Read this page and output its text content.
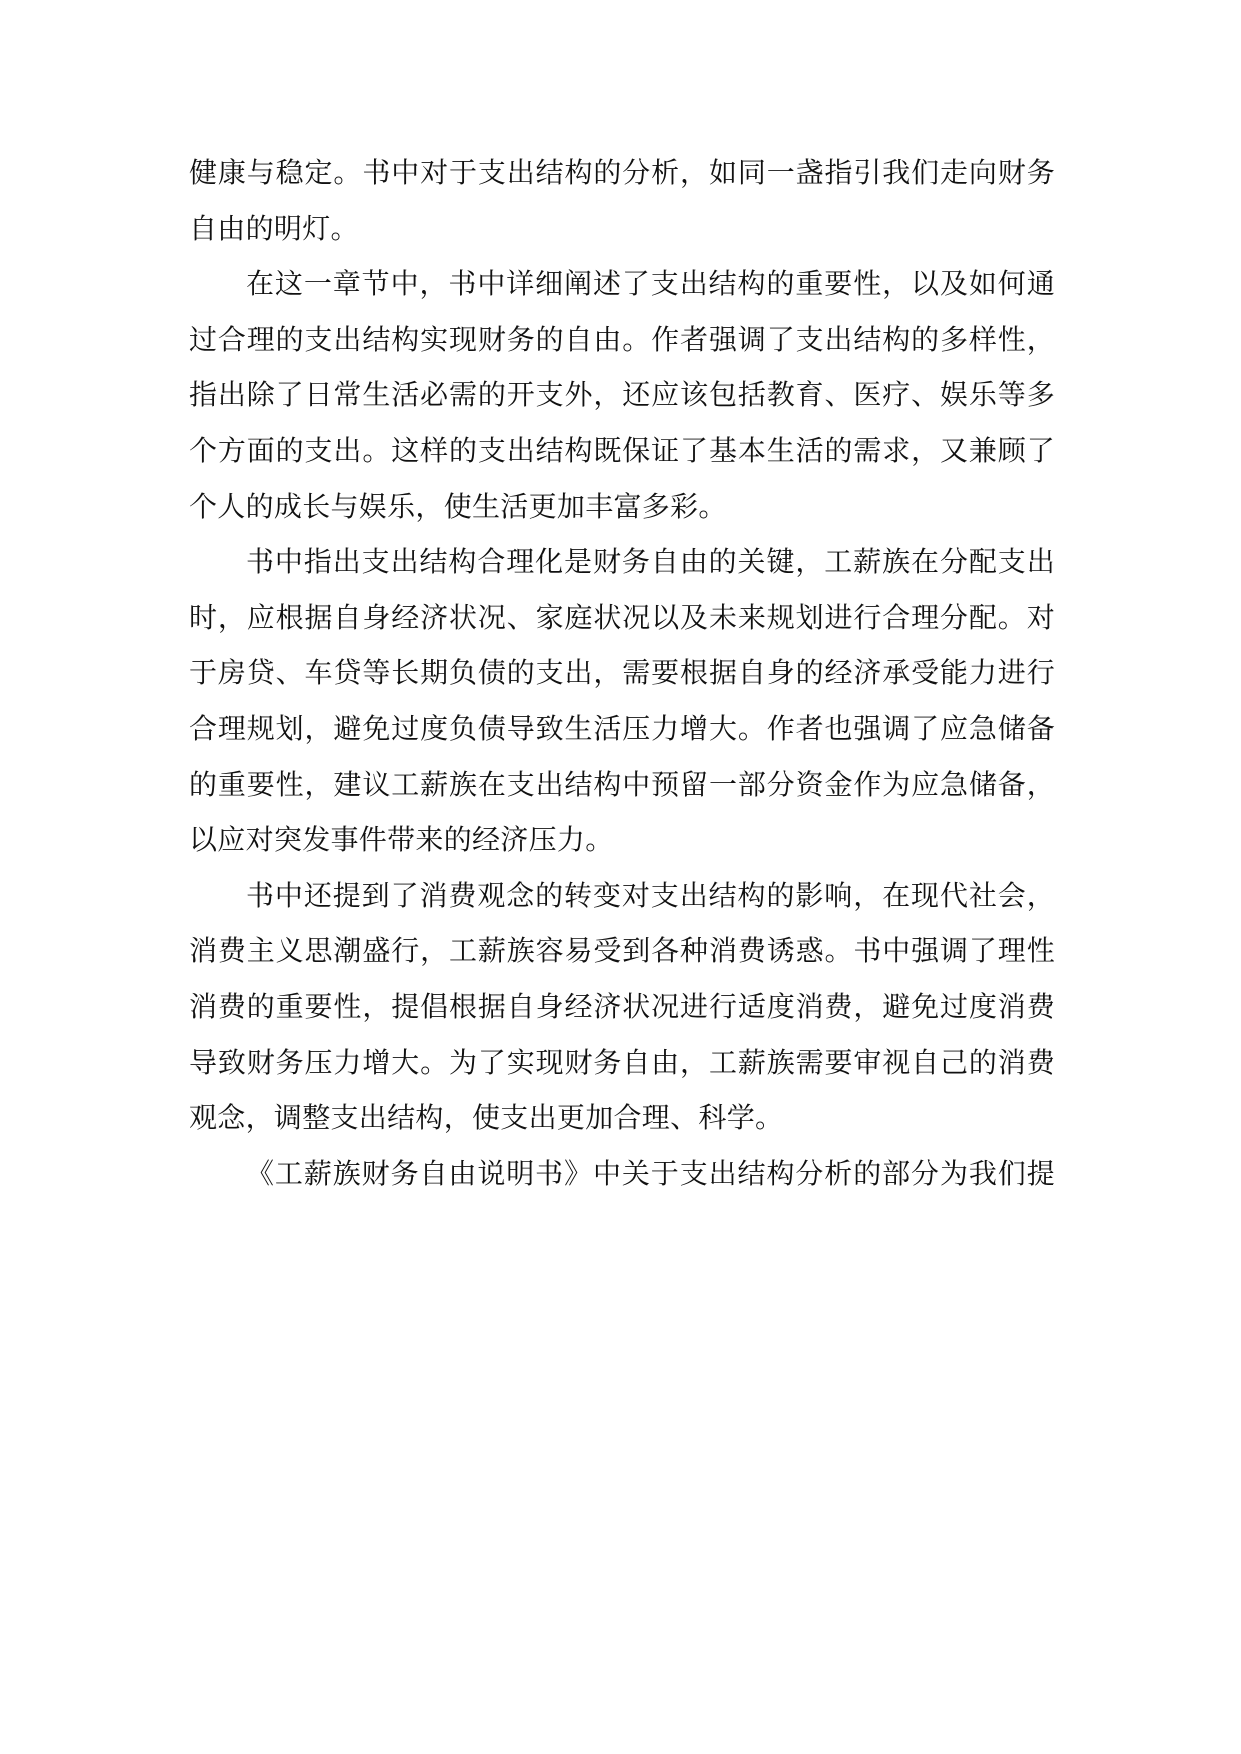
健康与稳定。书中对于支出结构的分析，如同一盏指引我们走向财务
自由的明灯。
在这一章节中，书中详细阐述了支出结构的重要性，以及如何通
过合理的支出结构实现财务的自由。作者强调了支出结构的多样性，
指出除了日常生活必需的开支外，还应该包括教育、医疗、娱乐等多
个方面的支出。这样的支出结构既保证了基本生活的需求，又兼顾了
个人的成长与娱乐，使生活更加丰富多彩。
书中指出支出结构合理化是财务自由的关键，工薪族在分配支出
时，应根据自身经济状况、家庭状况以及未来规划进行合理分配。对
于房贷、车贷等长期负债的支出，需要根据自身的经济承受能力进行
合理规划，避免过度负债导致生活压力增大。作者也强调了应急储备
的重要性，建议工薪族在支出结构中预留一部分资金作为应急储备，
以应对突发事件带来的经济压力。
书中还提到了消费观念的转变对支出结构的影响，在现代社会，
消费主义思潮盛行，工薪族容易受到各种消费诱惑。书中强调了理性
消费的重要性，提倡根据自身经济状况进行适度消费，避免过度消费
导致财务压力增大。为了实现财务自由，工薪族需要审视自己的消费
观念，调整支出结构，使支出更加合理、科学。
《工薪族财务自由说明书》中关于支出结构分析的部分为我们提
